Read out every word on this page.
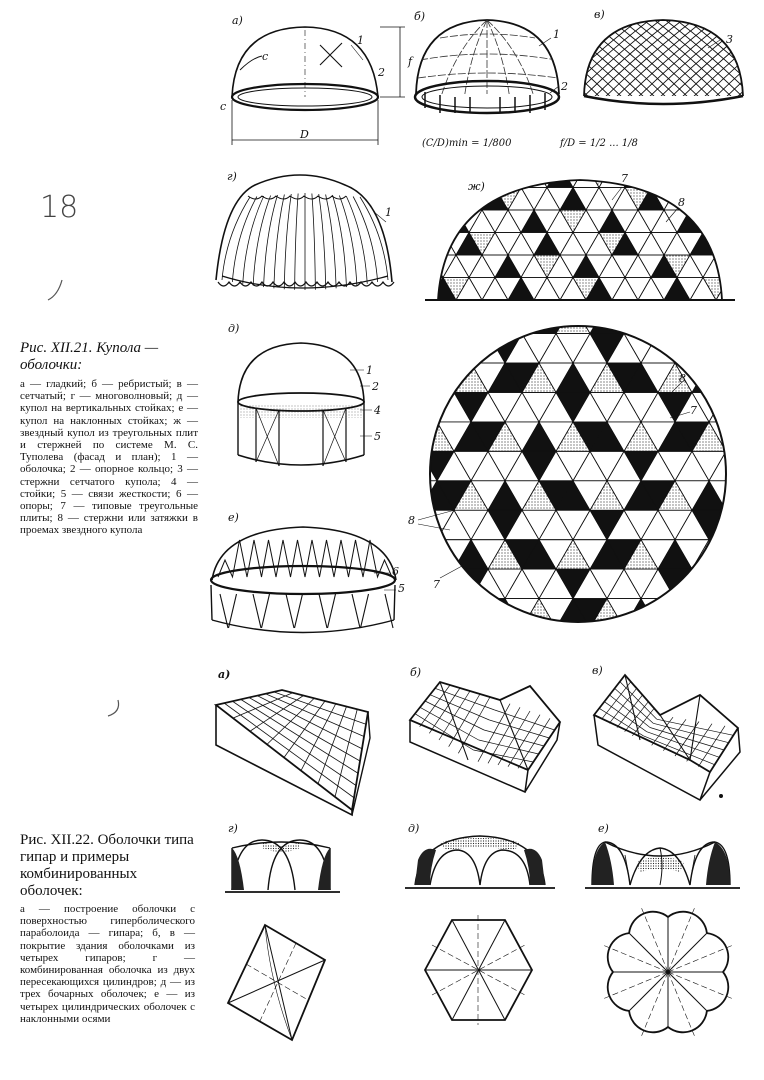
18
а)
D
f
c
c
1
2
б)
1
2
в)
3
(C/D)min = 1/800	f/D = 1/2 ... 1/8
г)
1
ж)
7
8
д)
1
2
4
5
е)
6
5
8
7
8
7
Рис. XII.21. Купола — оболочки:
а — гладкий; б — ребристый; в — сетчатый; г — многоволновый; д — купол на вертикальных стойках; е — купол на наклонных стойках; ж — звездный купол из треугольных плит и стержней по системе М. С. Туполева (фасад и план); 1 — оболочка; 2 — опорное кольцо; 3 — стержни сетчатого купола; 4 — стойки; 5 — связи жесткости; 6 — опоры; 7 — типовые треугольные плиты; 8 — стержни или затяжки в проемах звездного купола
а)	б)	в)
г)	д)	е)
Рис. XII.22. Оболочки типа гипар и примеры комбинированных оболочек:
а — построение оболочки с поверхностью гиперболического параболоида — гипара; б, в — покрытие здания оболочками из четырех гипаров; г — комбинированная оболочка из двух пересекающихся цилиндров; д — из трех бочарных оболочек; е — из четырех цилиндрических оболочек с наклонными осями
